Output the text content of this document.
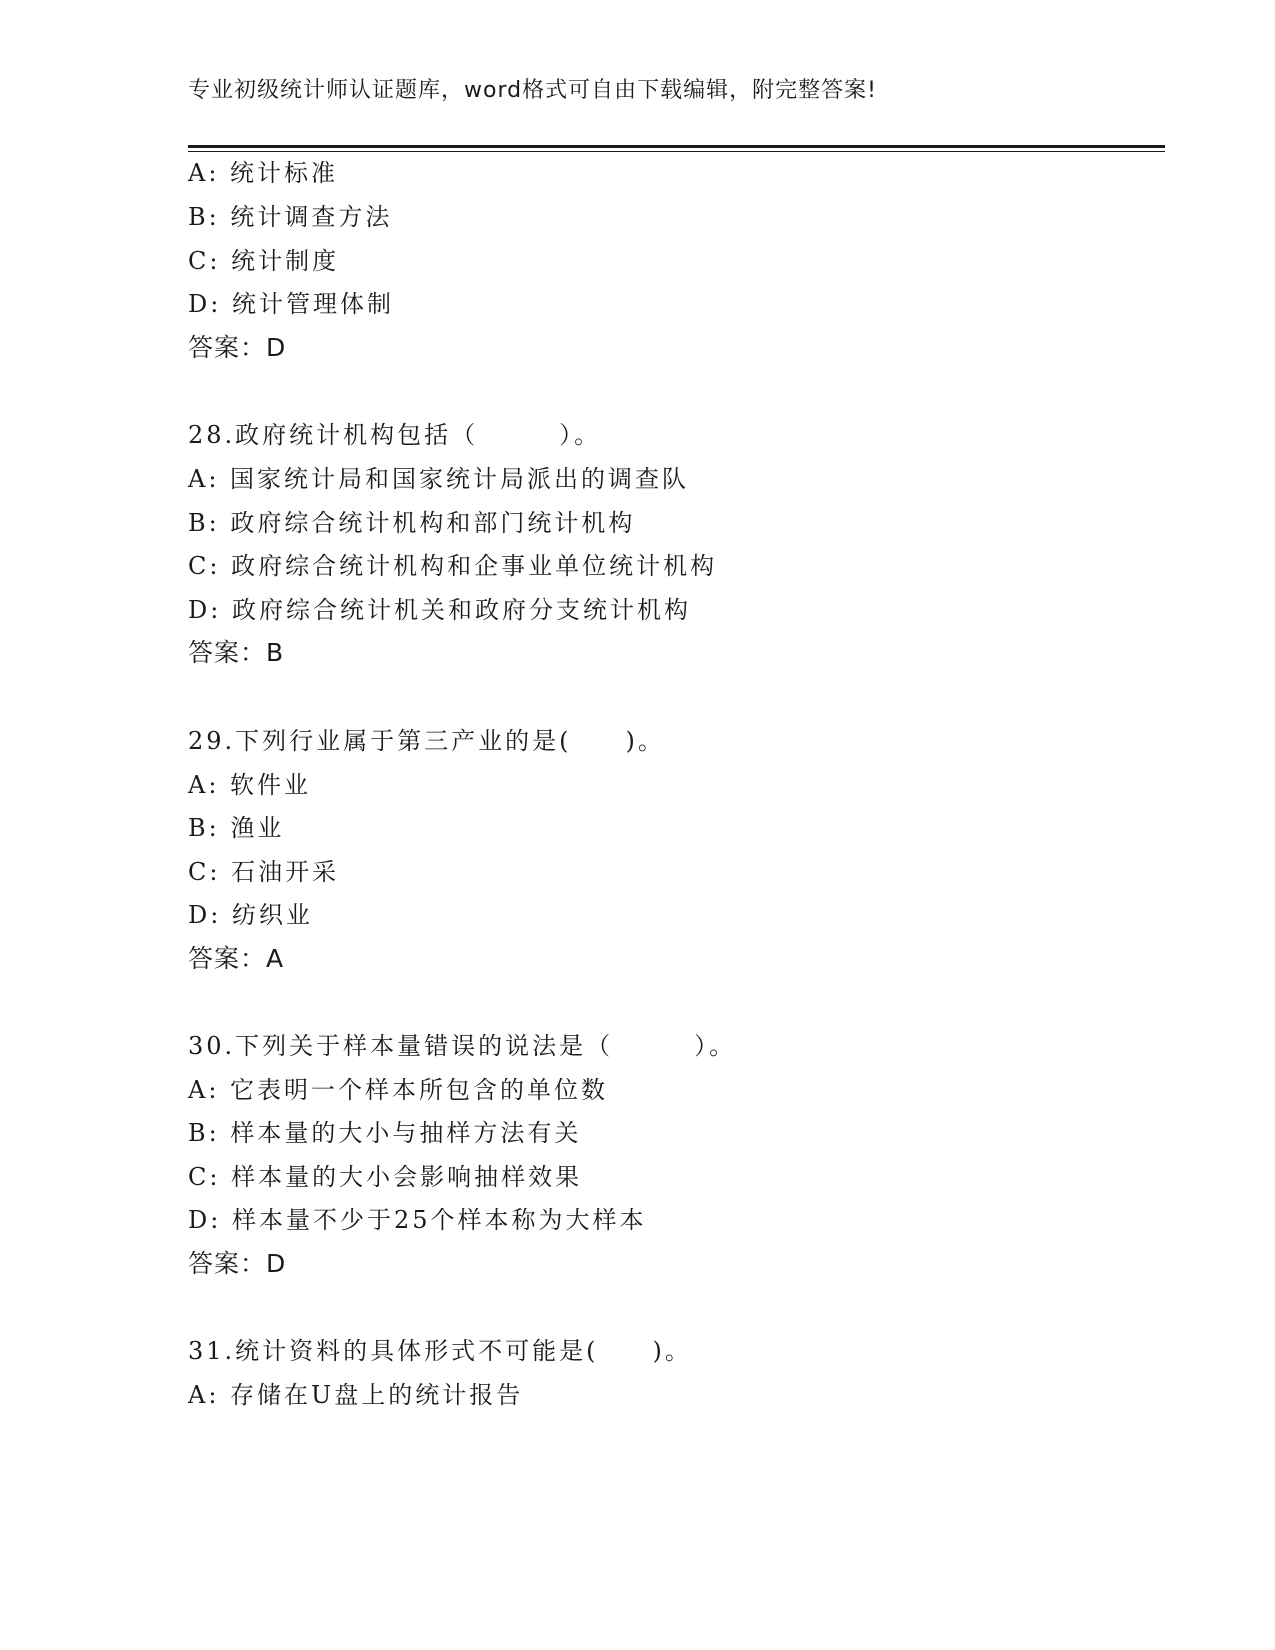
专业初级统计师认证题库，word格式可自由下载编辑，附完整答案!
A: 统计标准
B: 统计调查方法
C: 统计制度
D: 统计管理体制
答案：D
28.政府统计机构包括（　　　）。
A: 国家统计局和国家统计局派出的调查队
B: 政府综合统计机构和部门统计机构
C: 政府综合统计机构和企事业单位统计机构
D: 政府综合统计机关和政府分支统计机构
答案：B
29.下列行业属于第三产业的是(　　)。
A: 软件业
B: 渔业
C: 石油开采
D: 纺织业
答案：A
30.下列关于样本量错误的说法是（　　　）。
A: 它表明一个样本所包含的单位数
B: 样本量的大小与抽样方法有关
C: 样本量的大小会影响抽样效果
D: 样本量不少于25个样本称为大样本
答案：D
31.统计资料的具体形式不可能是(　　)。
A: 存储在U盘上的统计报告
